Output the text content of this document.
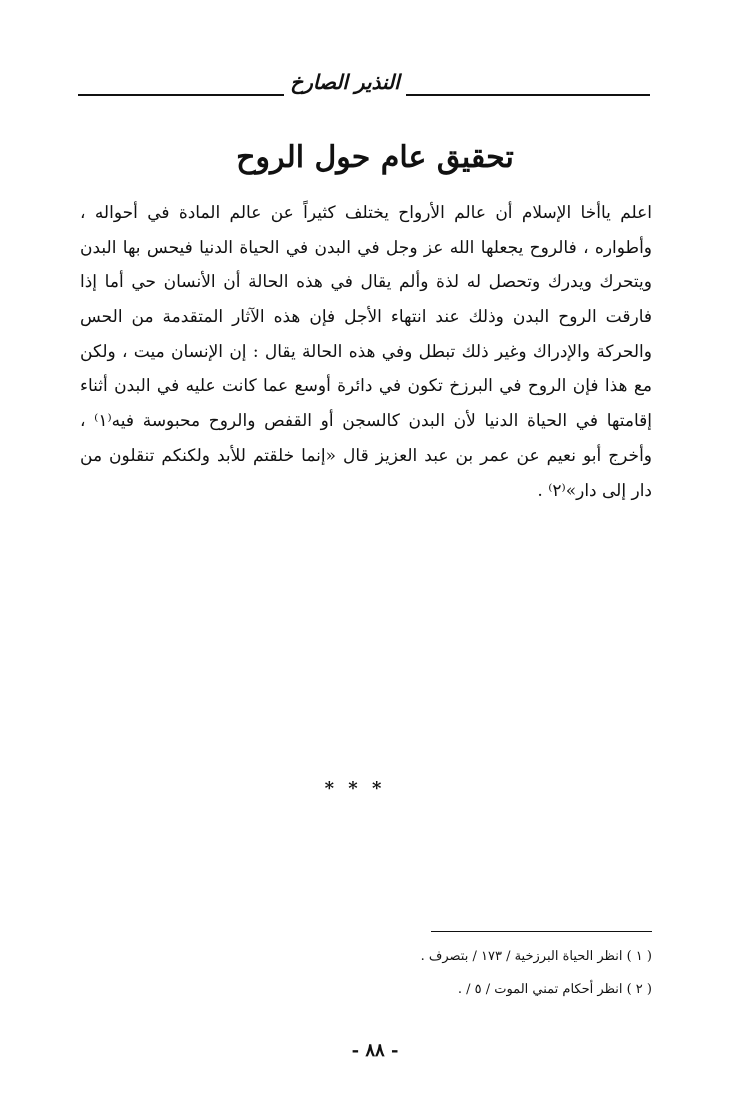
النذير الصارخ
تحقيق عام حول الروح
اعلم ياأخا الإسلام أن عالم الأرواح يختلف كثيراً عن عالم المادة في أحواله ،
وأطواره ، فالروح يجعلها الله عز وجل في البدن في الحياة الدنيا فيحس بها البدن
ويتحرك ويدرك وتحصل له لذة وألم يقال في هذه الحالة أن الأنسان حي أما إذا
فارقت الروح البدن وذلك عند انتهاء الأجل فإن هذه الآثار المتقدمة من الحس
والحركة والإدراك وغير ذلك تبطل وفي هذه الحالة يقال : إن الإنسان ميت ، ولكن
مع هذا فإن الروح في البرزخ تكون في دائرة أوسع عما كانت عليه في البدن أثناء
إقامتها في الحياة الدنيا لأن البدن كالسجن أو القفص والروح محبوسة فيه⁽١⁾ ،
وأخرج أبو نعيم عن عمر بن عبد العزيز قال «إنما خلقتم للأبد ولكنكم تنقلون من
دار إلى دار»⁽٢⁾ .
* * *
( ١ ) انظر الحياة البرزخية / ١٧٣ / بتصرف .
( ٢ ) انظر أحكام تمني الموت / ٥ / .
- ٨٨ -
